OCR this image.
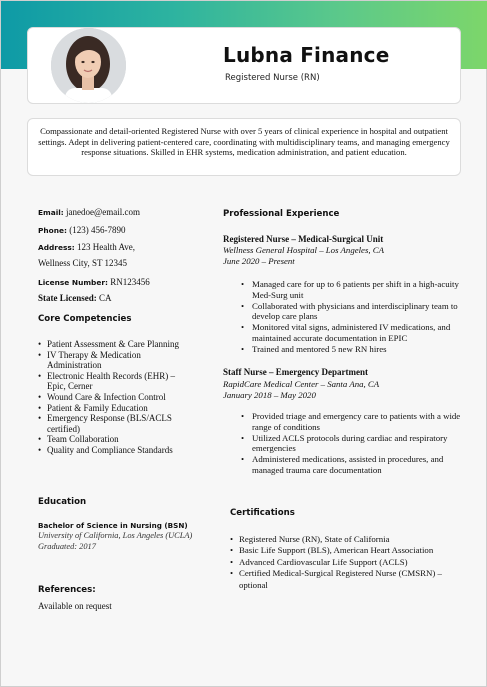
Lubna Finance
Registered Nurse (RN)
Compassionate and detail-oriented Registered Nurse with over 5 years of clinical experience in hospital and outpatient settings. Adept in delivering patient-centered care, coordinating with multidisciplinary teams, and managing emergency response situations. Skilled in EHR systems, medication administration, and patient education.
Email: janedoe@email.com
Phone: (123) 456-7890
Address: 123 Health Ave,
Wellness City, ST 12345
License Number: RN123456
State Licensed: CA
Core Competencies
• Patient Assessment & Care Planning
• IV Therapy & Medication Administration
• Electronic Health Records (EHR) – Epic, Cerner
• Wound Care & Infection Control
• Patient & Family Education
• Emergency Response (BLS/ACLS certified)
• Team Collaboration
• Quality and Compliance Standards
Education
Bachelor of Science in Nursing (BSN)
University of California, Los Angeles (UCLA)
Graduated: 2017
References:
Available on request
Professional Experience
Registered Nurse – Medical-Surgical Unit
Wellness General Hospital – Los Angeles, CA
June 2020 – Present
• Managed care for up to 6 patients per shift in a high-acuity Med-Surg unit
• Collaborated with physicians and interdisciplinary team to develop care plans
• Monitored vital signs, administered IV medications, and maintained accurate documentation in EPIC
• Trained and mentored 5 new RN hires
Staff Nurse – Emergency Department
RapidCare Medical Center – Santa Ana, CA
January 2018 – May 2020
• Provided triage and emergency care to patients with a wide range of conditions
• Utilized ACLS protocols during cardiac and respiratory emergencies
• Administered medications, assisted in procedures, and managed trauma care documentation
Certifications
• Registered Nurse (RN), State of California
• Basic Life Support (BLS), American Heart Association
• Advanced Cardiovascular Life Support (ACLS)
• Certified Medical-Surgical Registered Nurse (CMSRN) – optional
